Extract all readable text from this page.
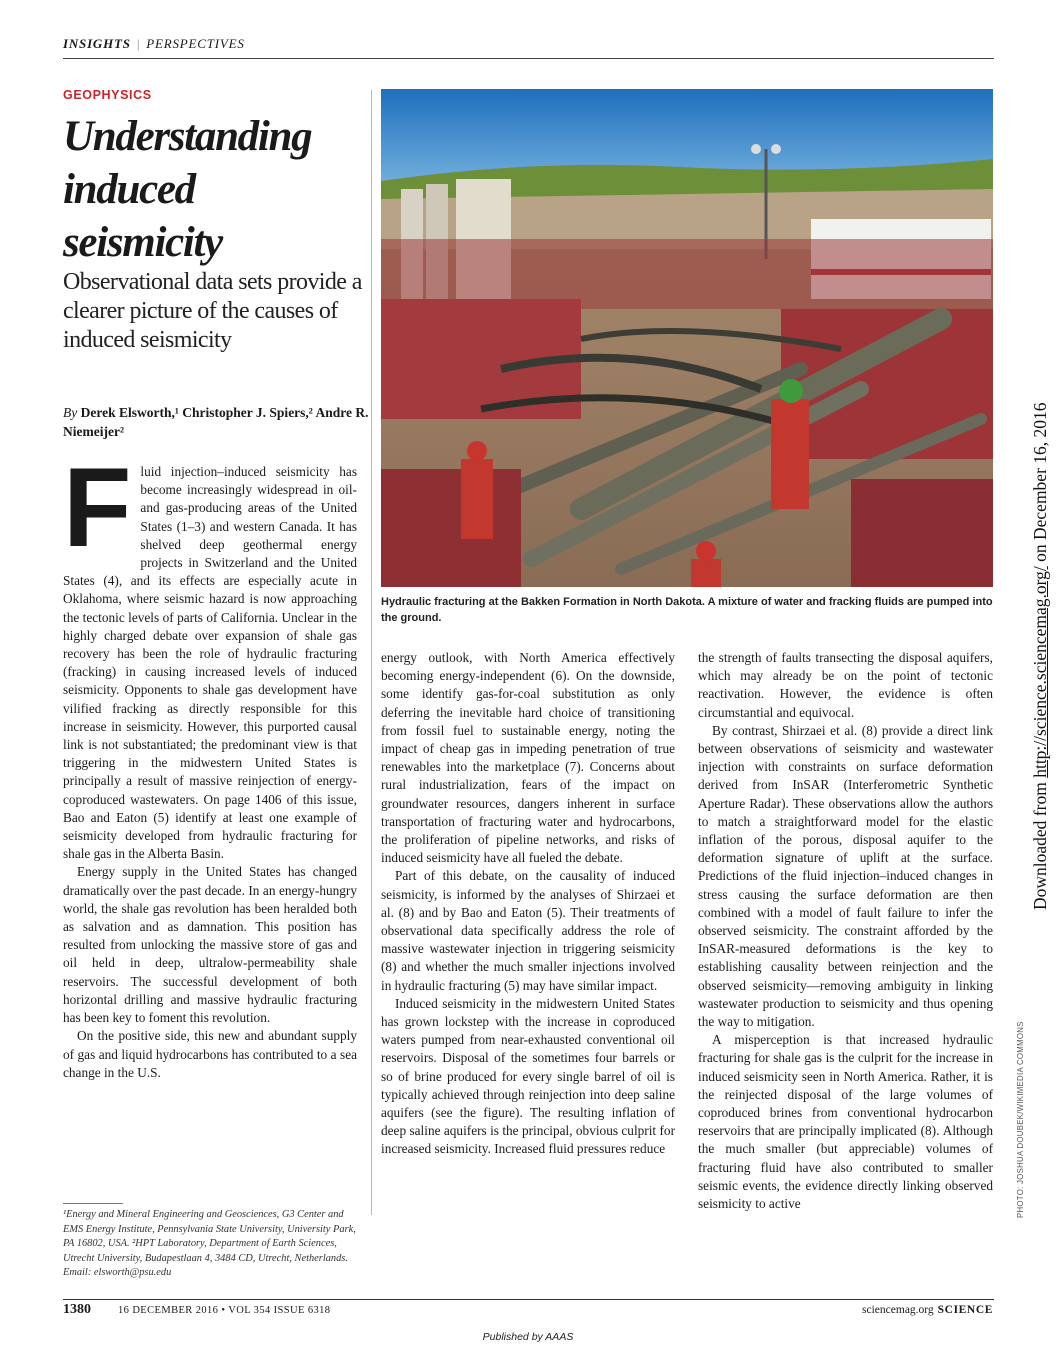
INSIGHTS | PERSPECTIVES
GEOPHYSICS
Understanding induced seismicity
Observational data sets provide a clearer picture of the causes of induced seismicity
By Derek Elsworth,¹ Christopher J. Spiers,² Andre R. Niemeijer²

Hydraulic fracturing at the Bakken Formation in North Dakota. A mixture of water and fracking fluids are pumped into the ground.

F luid injection–induced seismicity has become increasingly widespread in oil- and gas-producing areas of the United States (1–3) and western Canada. It has shelved deep geothermal energy projects in Switzerland and the United States (4), and its effects are especially acute in Oklahoma, where seismic hazard is now approaching the tectonic levels of parts of California. Unclear in the highly charged debate over expansion of shale gas recovery has been the role of hydraulic fracturing (fracking) in causing increased levels of induced seismicity. Opponents to shale gas development have vilified fracking as directly responsible for this increase in seismicity. However, this purported causal link is not substantiated; the predominant view is that triggering in the midwestern United States is principally a result of massive reinjection of energy-coproduced wastewaters. On page 1406 of this issue, Bao and Eaton (5) identify at least one example of seismicity developed from hydraulic fracturing for shale gas in the Alberta Basin.

Energy supply in the United States has changed dramatically over the past decade. In an energy-hungry world, the shale gas revolution has been heralded both as salvation and as damnation. This position has resulted from unlocking the massive store of gas and oil held in deep, ultralow-permeability shale reservoirs. The successful development of both horizontal drilling and massive hydraulic fracturing has been key to foment this revolution.

On the positive side, this new and abundant supply of gas and liquid hydrocarbons has contributed to a sea change in the U.S.

energy outlook, with North America effectively becoming energy-independent (6). On the downside, some identify gas-for-coal substitution as only deferring the inevitable hard choice of transitioning from fossil fuel to sustainable energy, noting the impact of cheap gas in impeding penetration of true renewables into the marketplace (7). Concerns about rural industrialization, fears of the impact on groundwater resources, dangers inherent in surface transportation of fracturing water and hydrocarbons, the proliferation of pipeline networks, and risks of induced seismicity have all fueled the debate.

Part of this debate, on the causality of induced seismicity, is informed by the analyses of Shirzaei et al. (8) and by Bao and Eaton (5). Their treatments of observational data specifically address the role of massive wastewater injection in triggering seismicity (8) and whether the much smaller injections involved in hydraulic fracturing (5) may have similar impact.

Induced seismicity in the midwestern United States has grown lockstep with the increase in coproduced waters pumped from near-exhausted conventional oil reservoirs. Disposal of the sometimes four barrels or so of brine produced for every single barrel of oil is typically achieved through reinjection into deep saline aquifers (see the figure). The resulting inflation of deep saline aquifers is the principal, obvious culprit for increased seismicity. Increased fluid pressures reduce

the strength of faults transecting the disposal aquifers, which may already be on the point of tectonic reactivation. However, the evidence is often circumstantial and equivocal.

By contrast, Shirzaei et al. (8) provide a direct link between observations of seismicity and wastewater injection with constraints on surface deformation derived from InSAR (Interferometric Synthetic Aperture Radar). These observations allow the authors to match a straightforward model for the elastic inflation of the porous, disposal aquifer to the deformation signature of uplift at the surface. Predictions of the fluid injection–induced changes in stress causing the surface deformation are then combined with a model of fault failure to infer the observed seismicity. The constraint afforded by the InSAR-measured deformations is the key to establishing causality between reinjection and the observed seismicity—removing ambiguity in linking wastewater production to seismicity and thus opening the way to mitigation.

A misperception is that increased hydraulic fracturing for shale gas is the culprit for the increase in induced seismicity seen in North America. Rather, it is the reinjected disposal of the large volumes of coproduced brines from conventional hydrocarbon reservoirs that are principally implicated (8). Although the much smaller (but appreciable) volumes of fracturing fluid have also contributed to smaller seismic events, the evidence directly linking observed seismicity to active

¹Energy and Mineral Engineering and Geosciences, G3 Center and EMS Energy Institute, Pennsylvania State University, University Park, PA 16802, USA. ²HPT Laboratory, Department of Earth Sciences, Utrecht University, Budapestlaan 4, 3484 CD, Utrecht, Netherlands. Email: elsworth@psu.edu
1380	16 DECEMBER 2016 • VOL 354 ISSUE 6318	sciencemag.org SCIENCE
Published by AAAS
Downloaded from http://science.sciencemag.org/ on December 16, 2016
PHOTO: JOSHUA DOUBEK/WIKIMEDIA COMMONS
